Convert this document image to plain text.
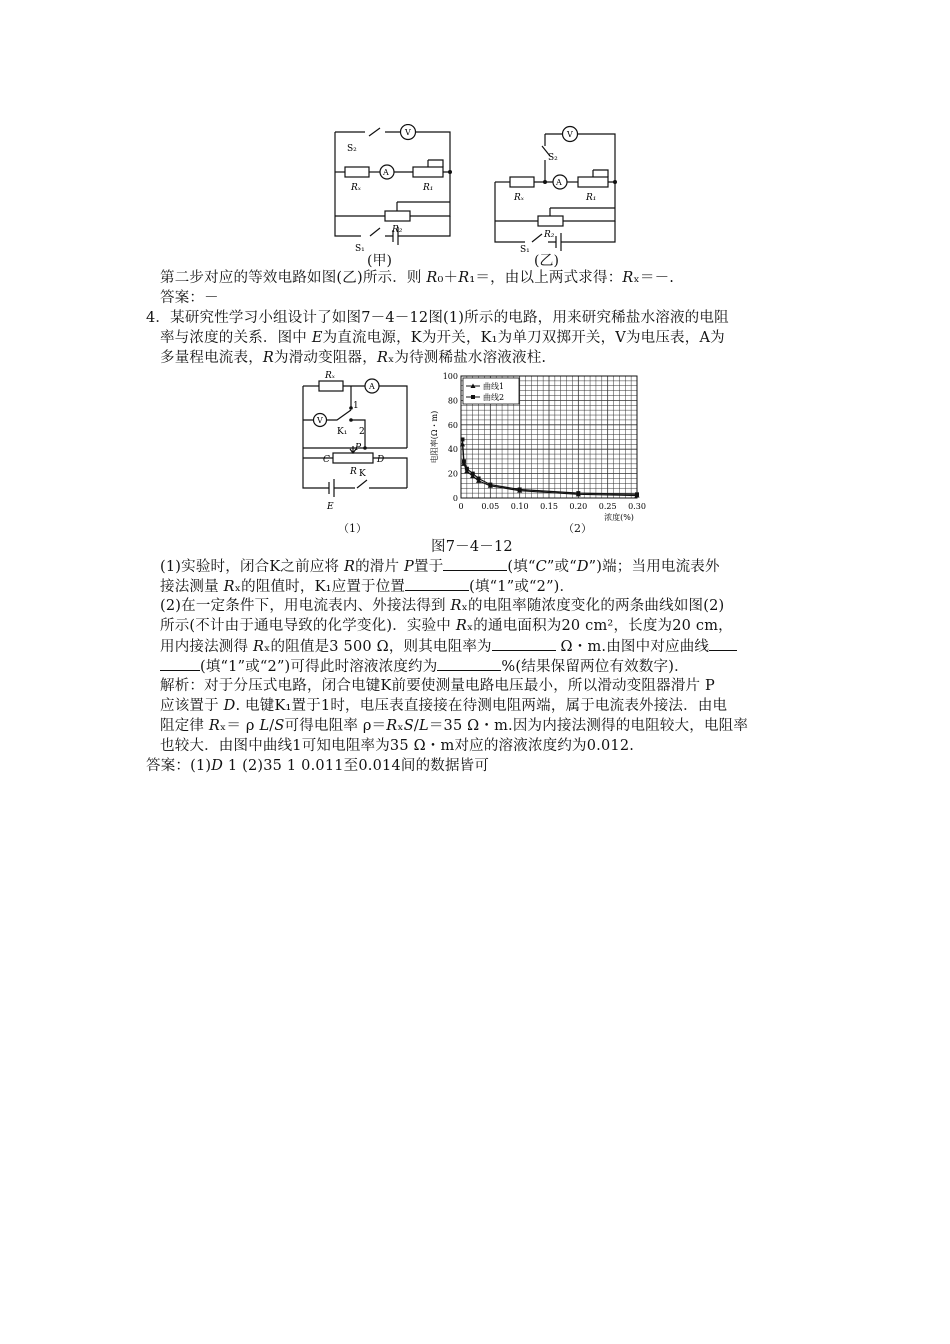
S₂
V
A
Rₓ	R₁
R₂
S₁
(甲)
S₂
V
A
Rₓ	R₁
R₂
S₁
(乙)
第二步对应的等效电路如图(乙)所示．则 R₀＋R₁＝，由以上两式求得：Rₓ＝－.
答案：－
4．某研究性学习小组设计了如图7－4－12图(1)所示的电路，用来研究稀盐水溶液的电阻
率与浓度的关系．图中 E为直流电源，K为开关，K₁为单刀双掷开关，V为电压表，A为
多量程电流表，R为滑动变阻器，Rₓ为待测稀盐水溶液液柱.
Rₓ
A
V
1
K₁ 2
P
C	D
R
E
K
（1）
0 0.05 0.10 0.15 0.20 0.25 0.30
0
20
40
60
80
100
浓度(%)
电阻率(Ω・m)
曲线1
曲线2
（2）
图7－4－12
(1)实验时，闭合K之前应将 R的滑片 P置于	(填“C”或“D”)端；当用电流表外
接法测量 Rₓ的阻值时，K₁应置于位置	(填“1”或“2”)．
(2)在一定条件下，用电流表内、外接法得到 Rₓ的电阻率随浓度变化的两条曲线如图(2)
所示(不计由于通电导致的化学变化)．实验中 Rₓ的通电面积为20 cm²，长度为20 cm，
用内接法测得 Rₓ的阻值是3 500 Ω，则其电阻率为	Ω・m.由图中对应曲线
(填“1”或“2”)可得此时溶液浓度约为	%(结果保留两位有效数字)．
解析：对于分压式电路，闭合电键K前要使测量电路电压最小，所以滑动变阻器滑片 P
应该置于 D. 电键K₁置于1时，电压表直接接在待测电阻两端，属于电流表外接法．由电
阻定律 Rₓ＝ ρ L/S可得电阻率 ρ＝RₓS/L＝35 Ω・m.因为内接法测得的电阻较大，电阻率
也较大．由图中曲线1可知电阻率为35 Ω・m对应的溶液浓度约为0.012.
答案：(1)D 1 (2)35 1 0.011至0.014间的数据皆可
